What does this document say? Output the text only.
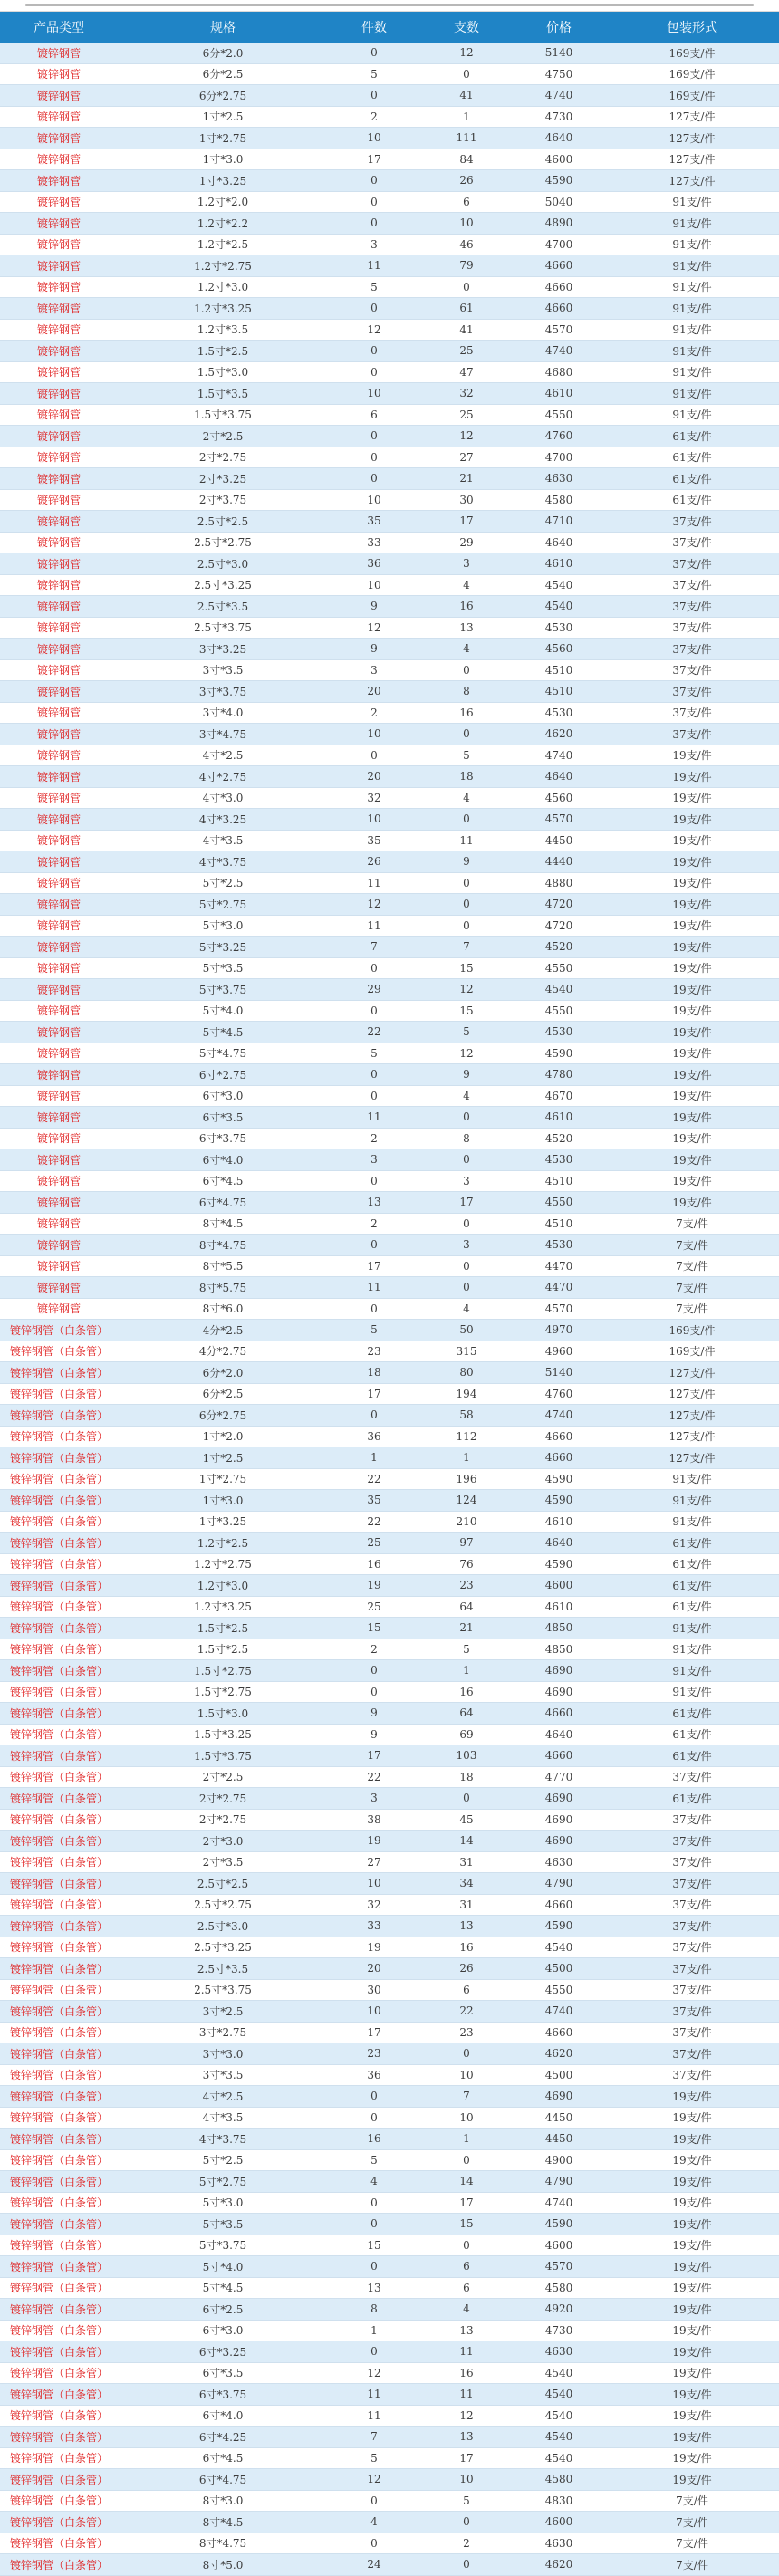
产品类型	规格	件数	支数	价格	包装形式
镀锌钢管	6分*2.0	0	12	5140	169支/件
镀锌钢管	6分*2.5	5	0	4750	169支/件
镀锌钢管	6分*2.75	0	41	4740	169支/件
镀锌钢管	1寸*2.5	2	1	4730	127支/件
镀锌钢管	1寸*2.75	10	111	4640	127支/件
镀锌钢管	1寸*3.0	17	84	4600	127支/件
镀锌钢管	1寸*3.25	0	26	4590	127支/件
镀锌钢管	1.2寸*2.0	0	6	5040	91支/件
镀锌钢管	1.2寸*2.2	0	10	4890	91支/件
镀锌钢管	1.2寸*2.5	3	46	4700	91支/件
镀锌钢管	1.2寸*2.75	11	79	4660	91支/件
镀锌钢管	1.2寸*3.0	5	0	4660	91支/件
镀锌钢管	1.2寸*3.25	0	61	4660	91支/件
镀锌钢管	1.2寸*3.5	12	41	4570	91支/件
镀锌钢管	1.5寸*2.5	0	25	4740	91支/件
镀锌钢管	1.5寸*3.0	0	47	4680	91支/件
镀锌钢管	1.5寸*3.5	10	32	4610	91支/件
镀锌钢管	1.5寸*3.75	6	25	4550	91支/件
镀锌钢管	2寸*2.5	0	12	4760	61支/件
镀锌钢管	2寸*2.75	0	27	4700	61支/件
镀锌钢管	2寸*3.25	0	21	4630	61支/件
镀锌钢管	2寸*3.75	10	30	4580	61支/件
镀锌钢管	2.5寸*2.5	35	17	4710	37支/件
镀锌钢管	2.5寸*2.75	33	29	4640	37支/件
镀锌钢管	2.5寸*3.0	36	3	4610	37支/件
镀锌钢管	2.5寸*3.25	10	4	4540	37支/件
镀锌钢管	2.5寸*3.5	9	16	4540	37支/件
镀锌钢管	2.5寸*3.75	12	13	4530	37支/件
镀锌钢管	3寸*3.25	9	4	4560	37支/件
镀锌钢管	3寸*3.5	3	0	4510	37支/件
镀锌钢管	3寸*3.75	20	8	4510	37支/件
镀锌钢管	3寸*4.0	2	16	4530	37支/件
镀锌钢管	3寸*4.75	10	0	4620	37支/件
镀锌钢管	4寸*2.5	0	5	4740	19支/件
镀锌钢管	4寸*2.75	20	18	4640	19支/件
镀锌钢管	4寸*3.0	32	4	4560	19支/件
镀锌钢管	4寸*3.25	10	0	4570	19支/件
镀锌钢管	4寸*3.5	35	11	4450	19支/件
镀锌钢管	4寸*3.75	26	9	4440	19支/件
镀锌钢管	5寸*2.5	11	0	4880	19支/件
镀锌钢管	5寸*2.75	12	0	4720	19支/件
镀锌钢管	5寸*3.0	11	0	4720	19支/件
镀锌钢管	5寸*3.25	7	7	4520	19支/件
镀锌钢管	5寸*3.5	0	15	4550	19支/件
镀锌钢管	5寸*3.75	29	12	4540	19支/件
镀锌钢管	5寸*4.0	0	15	4550	19支/件
镀锌钢管	5寸*4.5	22	5	4530	19支/件
镀锌钢管	5寸*4.75	5	12	4590	19支/件
镀锌钢管	6寸*2.75	0	9	4780	19支/件
镀锌钢管	6寸*3.0	0	4	4670	19支/件
镀锌钢管	6寸*3.5	11	0	4610	19支/件
镀锌钢管	6寸*3.75	2	8	4520	19支/件
镀锌钢管	6寸*4.0	3	0	4530	19支/件
镀锌钢管	6寸*4.5	0	3	4510	19支/件
镀锌钢管	6寸*4.75	13	17	4550	19支/件
镀锌钢管	8寸*4.5	2	0	4510	7支/件
镀锌钢管	8寸*4.75	0	3	4530	7支/件
镀锌钢管	8寸*5.5	17	0	4470	7支/件
镀锌钢管	8寸*5.75	11	0	4470	7支/件
镀锌钢管	8寸*6.0	0	4	4570	7支/件
镀锌钢管（白条管）	4分*2.5	5	50	4970	169支/件
镀锌钢管（白条管）	4分*2.75	23	315	4960	169支/件
镀锌钢管（白条管）	6分*2.0	18	80	5140	127支/件
镀锌钢管（白条管）	6分*2.5	17	194	4760	127支/件
镀锌钢管（白条管）	6分*2.75	0	58	4740	127支/件
镀锌钢管（白条管）	1寸*2.0	36	112	4660	127支/件
镀锌钢管（白条管）	1寸*2.5	1	1	4660	127支/件
镀锌钢管（白条管）	1寸*2.75	22	196	4590	91支/件
镀锌钢管（白条管）	1寸*3.0	35	124	4590	91支/件
镀锌钢管（白条管）	1寸*3.25	22	210	4610	91支/件
镀锌钢管（白条管）	1.2寸*2.5	25	97	4640	61支/件
镀锌钢管（白条管）	1.2寸*2.75	16	76	4590	61支/件
镀锌钢管（白条管）	1.2寸*3.0	19	23	4600	61支/件
镀锌钢管（白条管）	1.2寸*3.25	25	64	4610	61支/件
镀锌钢管（白条管）	1.5寸*2.5	15	21	4850	91支/件
镀锌钢管（白条管）	1.5寸*2.5	2	5	4850	91支/件
镀锌钢管（白条管）	1.5寸*2.75	0	1	4690	91支/件
镀锌钢管（白条管）	1.5寸*2.75	0	16	4690	91支/件
镀锌钢管（白条管）	1.5寸*3.0	9	64	4660	61支/件
镀锌钢管（白条管）	1.5寸*3.25	9	69	4640	61支/件
镀锌钢管（白条管）	1.5寸*3.75	17	103	4660	61支/件
镀锌钢管（白条管）	2寸*2.5	22	18	4770	37支/件
镀锌钢管（白条管）	2寸*2.75	3	0	4690	61支/件
镀锌钢管（白条管）	2寸*2.75	38	45	4690	37支/件
镀锌钢管（白条管）	2寸*3.0	19	14	4690	37支/件
镀锌钢管（白条管）	2寸*3.5	27	31	4630	37支/件
镀锌钢管（白条管）	2.5寸*2.5	10	34	4790	37支/件
镀锌钢管（白条管）	2.5寸*2.75	32	31	4660	37支/件
镀锌钢管（白条管）	2.5寸*3.0	33	13	4590	37支/件
镀锌钢管（白条管）	2.5寸*3.25	19	16	4540	37支/件
镀锌钢管（白条管）	2.5寸*3.5	20	26	4500	37支/件
镀锌钢管（白条管）	2.5寸*3.75	30	6	4550	37支/件
镀锌钢管（白条管）	3寸*2.5	10	22	4740	37支/件
镀锌钢管（白条管）	3寸*2.75	17	23	4660	37支/件
镀锌钢管（白条管）	3寸*3.0	23	0	4620	37支/件
镀锌钢管（白条管）	3寸*3.5	36	10	4500	37支/件
镀锌钢管（白条管）	4寸*2.5	0	7	4690	19支/件
镀锌钢管（白条管）	4寸*3.5	0	10	4450	19支/件
镀锌钢管（白条管）	4寸*3.75	16	1	4450	19支/件
镀锌钢管（白条管）	5寸*2.5	5	0	4900	19支/件
镀锌钢管（白条管）	5寸*2.75	4	14	4790	19支/件
镀锌钢管（白条管）	5寸*3.0	0	17	4740	19支/件
镀锌钢管（白条管）	5寸*3.5	0	15	4590	19支/件
镀锌钢管（白条管）	5寸*3.75	15	0	4600	19支/件
镀锌钢管（白条管）	5寸*4.0	0	6	4570	19支/件
镀锌钢管（白条管）	5寸*4.5	13	6	4580	19支/件
镀锌钢管（白条管）	6寸*2.5	8	4	4920	19支/件
镀锌钢管（白条管）	6寸*3.0	1	13	4730	19支/件
镀锌钢管（白条管）	6寸*3.25	0	11	4630	19支/件
镀锌钢管（白条管）	6寸*3.5	12	16	4540	19支/件
镀锌钢管（白条管）	6寸*3.75	11	11	4540	19支/件
镀锌钢管（白条管）	6寸*4.0	11	12	4540	19支/件
镀锌钢管（白条管）	6寸*4.25	7	13	4540	19支/件
镀锌钢管（白条管）	6寸*4.5	5	17	4540	19支/件
镀锌钢管（白条管）	6寸*4.75	12	10	4580	19支/件
镀锌钢管（白条管）	8寸*3.0	0	5	4830	7支/件
镀锌钢管（白条管）	8寸*4.5	4	0	4600	7支/件
镀锌钢管（白条管）	8寸*4.75	0	2	4630	7支/件
镀锌钢管（白条管）	8寸*5.0	24	0	4620	7支/件
